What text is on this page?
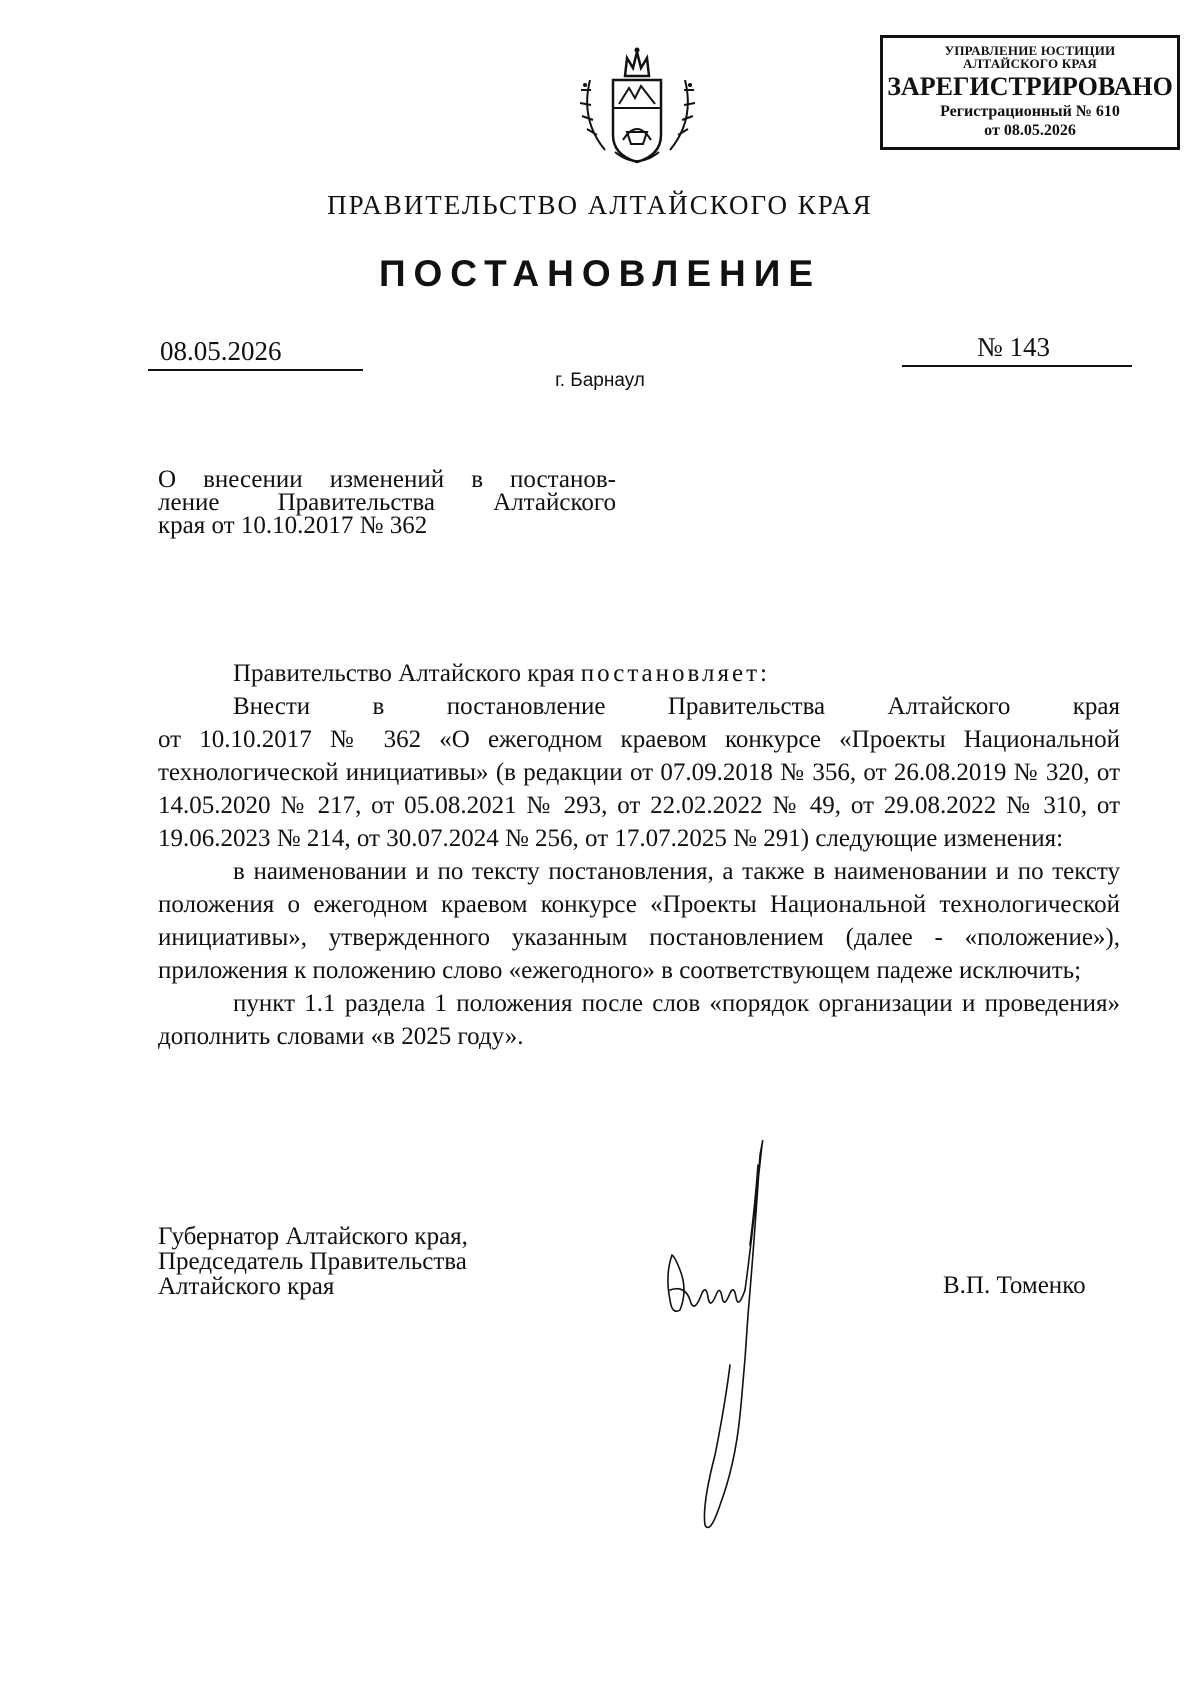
УПРАВЛЕНИЕ ЮСТИЦИИ
АЛТАЙСКОГО КРАЯ
ЗАРЕГИСТРИРОВАНО
Регистрационный № 610
от 08.05.2026
ПРАВИТЕЛЬСТВО АЛТАЙСКОГО КРАЯ
ПОСТАНОВЛЕНИЕ
08.05.2026	№ 143
г. Барнаул
О внесении изменений в постанов-
ление Правительства Алтайского
края от 10.10.2017 № 362

Правительство Алтайского края постановляет:

Внести в постановление Правительства Алтайского края

от 10.10.2017 № 362 «О ежегодном краевом конкурсе «Проекты Национальной технологической инициативы» (в редакции от 07.09.2018 № 356, от 26.08.2019 № 320, от 14.05.2020 № 217, от 05.08.2021 № 293, от 22.02.2022 № 49, от 29.08.2022 № 310, от 19.06.2023 № 214, от 30.07.2024 № 256, от 17.07.2025 № 291) следующие изменения:

в наименовании и по тексту постановления, а также в наименовании и по тексту положения о ежегодном краевом конкурсе «Проекты Национальной технологической инициативы», утвержденного указанным постановлением (далее - «положение»), приложения к положению слово «ежегодного» в соответствующем падеже исключить;

пункт 1.1 раздела 1 положения после слов «порядок организации и проведения» дополнить словами «в 2025 году».

Губернатор Алтайского края,
Председатель Правительства
Алтайского края	В.П. Томенко
